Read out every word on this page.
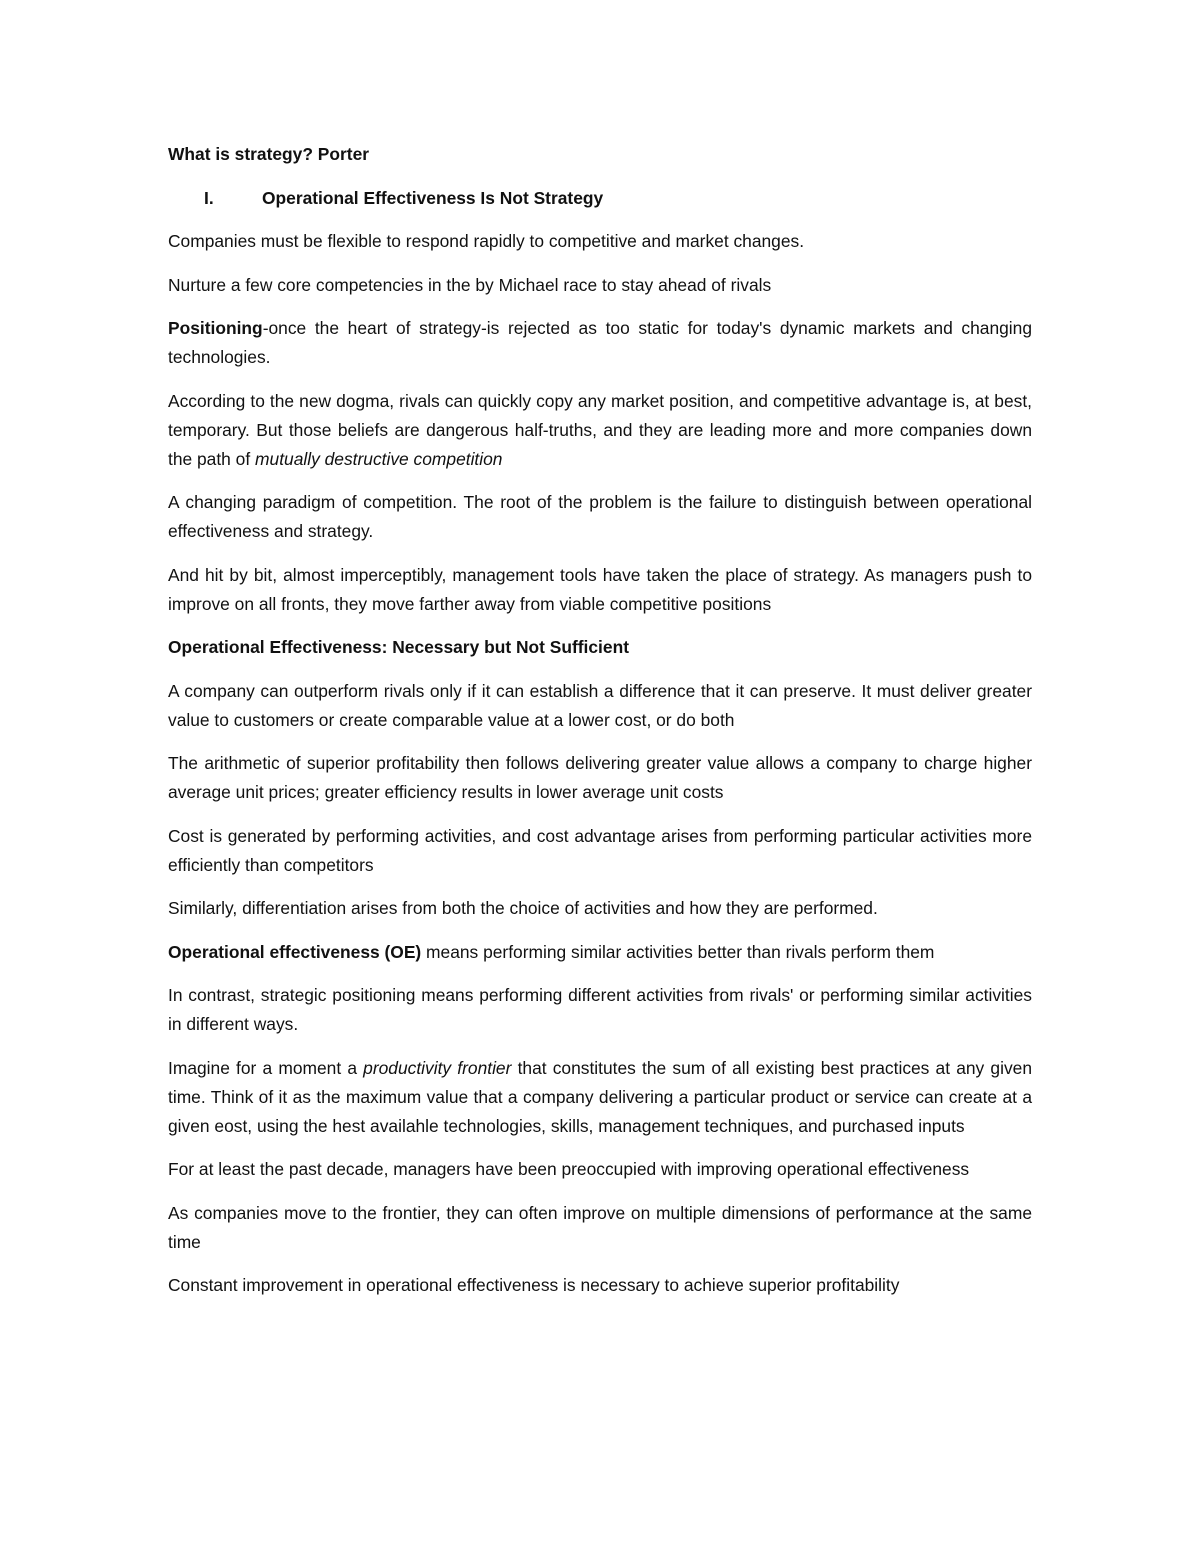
What is strategy? Porter

I.	Operational Effectiveness Is Not Strategy

Companies must be flexible to respond rapidly to competitive and market changes.

Nurture a few core competencies in the by Michael race to stay ahead of rivals

Positioning-once the heart of strategy-is rejected as too static for today's dynamic markets and changing technologies.

According to the new dogma, rivals can quickly copy any market position, and competitive advantage is, at best, temporary. But those beliefs are dangerous half-truths, and they are leading more and more companies down the path of mutually destructive competition

A changing paradigm of competition. The root of the problem is the failure to distinguish between operational effectiveness and strategy.

And hit by bit, almost imperceptibly, management tools have taken the place of strategy. As managers push to improve on all fronts, they move farther away from viable competitive positions

Operational Effectiveness: Necessary but Not Sufficient

A company can outperform rivals only if it can establish a difference that it can preserve. It must deliver greater value to customers or create comparable value at a lower cost, or do both

The arithmetic of superior profitability then follows delivering greater value allows a company to charge higher average unit prices; greater efficiency results in lower average unit costs

Cost is generated by performing activities, and cost advantage arises from performing particular activities more efficiently than competitors

Similarly, differentiation arises from both the choice of activities and how they are performed.

Operational effectiveness (OE) means performing similar activities better than rivals perform them

In contrast, strategic positioning means performing different activities from rivals' or performing similar activities in different ways.

Imagine for a moment a productivity frontier that constitutes the sum of all existing best practices at any given time. Think of it as the maximum value that a company delivering a particular product or service can create at a given eost, using the hest availahle technologies, skills, management techniques, and purchased inputs

For at least the past decade, managers have been preoccupied with improving operational effectiveness

As companies move to the frontier, they can often improve on multiple dimensions of performance at the same time

Constant improvement in operational effectiveness is necessary to achieve superior profitability
